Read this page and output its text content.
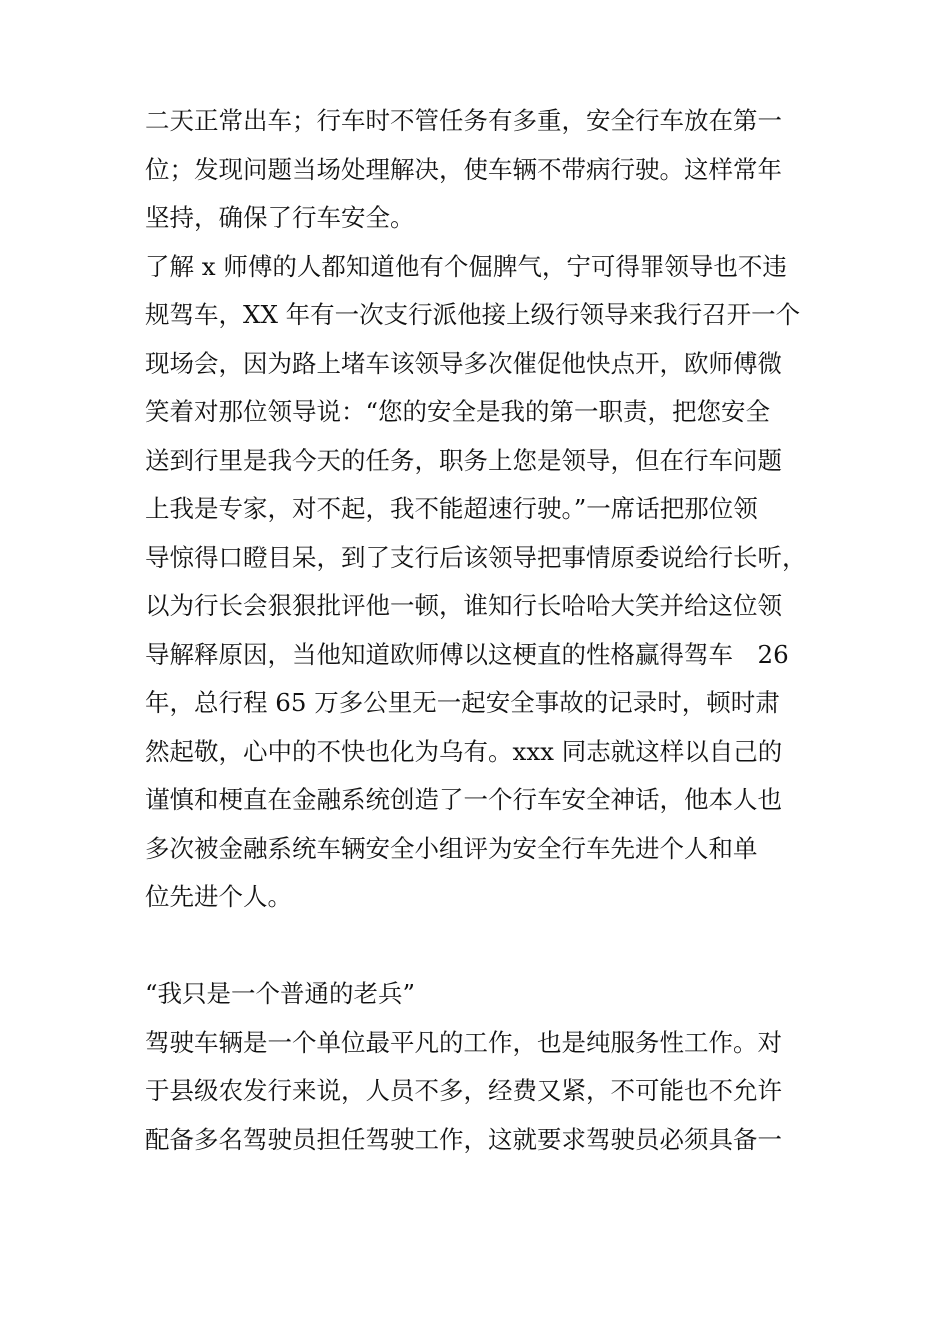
二天正常出车；行车时不管任务有多重，安全行车放在第一
位；发现问题当场处理解决，使车辆不带病行驶。这样常年
坚持，确保了行车安全。
了解 x 师傅的人都知道他有个倔脾气，宁可得罪领导也不违
规驾车，XX 年有一次支行派他接上级行领导来我行召开一个
现场会，因为路上堵车该领导多次催促他快点开，欧师傅微
笑着对那位领导说：“您的安全是我的第一职责，把您安全
送到行里是我今天的任务，职务上您是领导，但在行车问题
上我是专家，对不起，我不能超速行驶。”一席话把那位领
导惊得口瞪目呆，到了支行后该领导把事情原委说给行长听，
以为行长会狠狠批评他一顿，谁知行长哈哈大笑并给这位领
导解释原因，当他知道欧师傅以这梗直的性格赢得驾车　26
年，总行程 65 万多公里无一起安全事故的记录时，顿时肃
然起敬，心中的不快也化为乌有。xxx 同志就这样以自己的
谨慎和梗直在金融系统创造了一个行车安全神话，他本人也
多次被金融系统车辆安全小组评为安全行车先进个人和单
位先进个人。
“我只是一个普通的老兵”
驾驶车辆是一个单位最平凡的工作，也是纯服务性工作。对
于县级农发行来说，人员不多，经费又紧，不可能也不允许
配备多名驾驶员担任驾驶工作，这就要求驾驶员必须具备一
